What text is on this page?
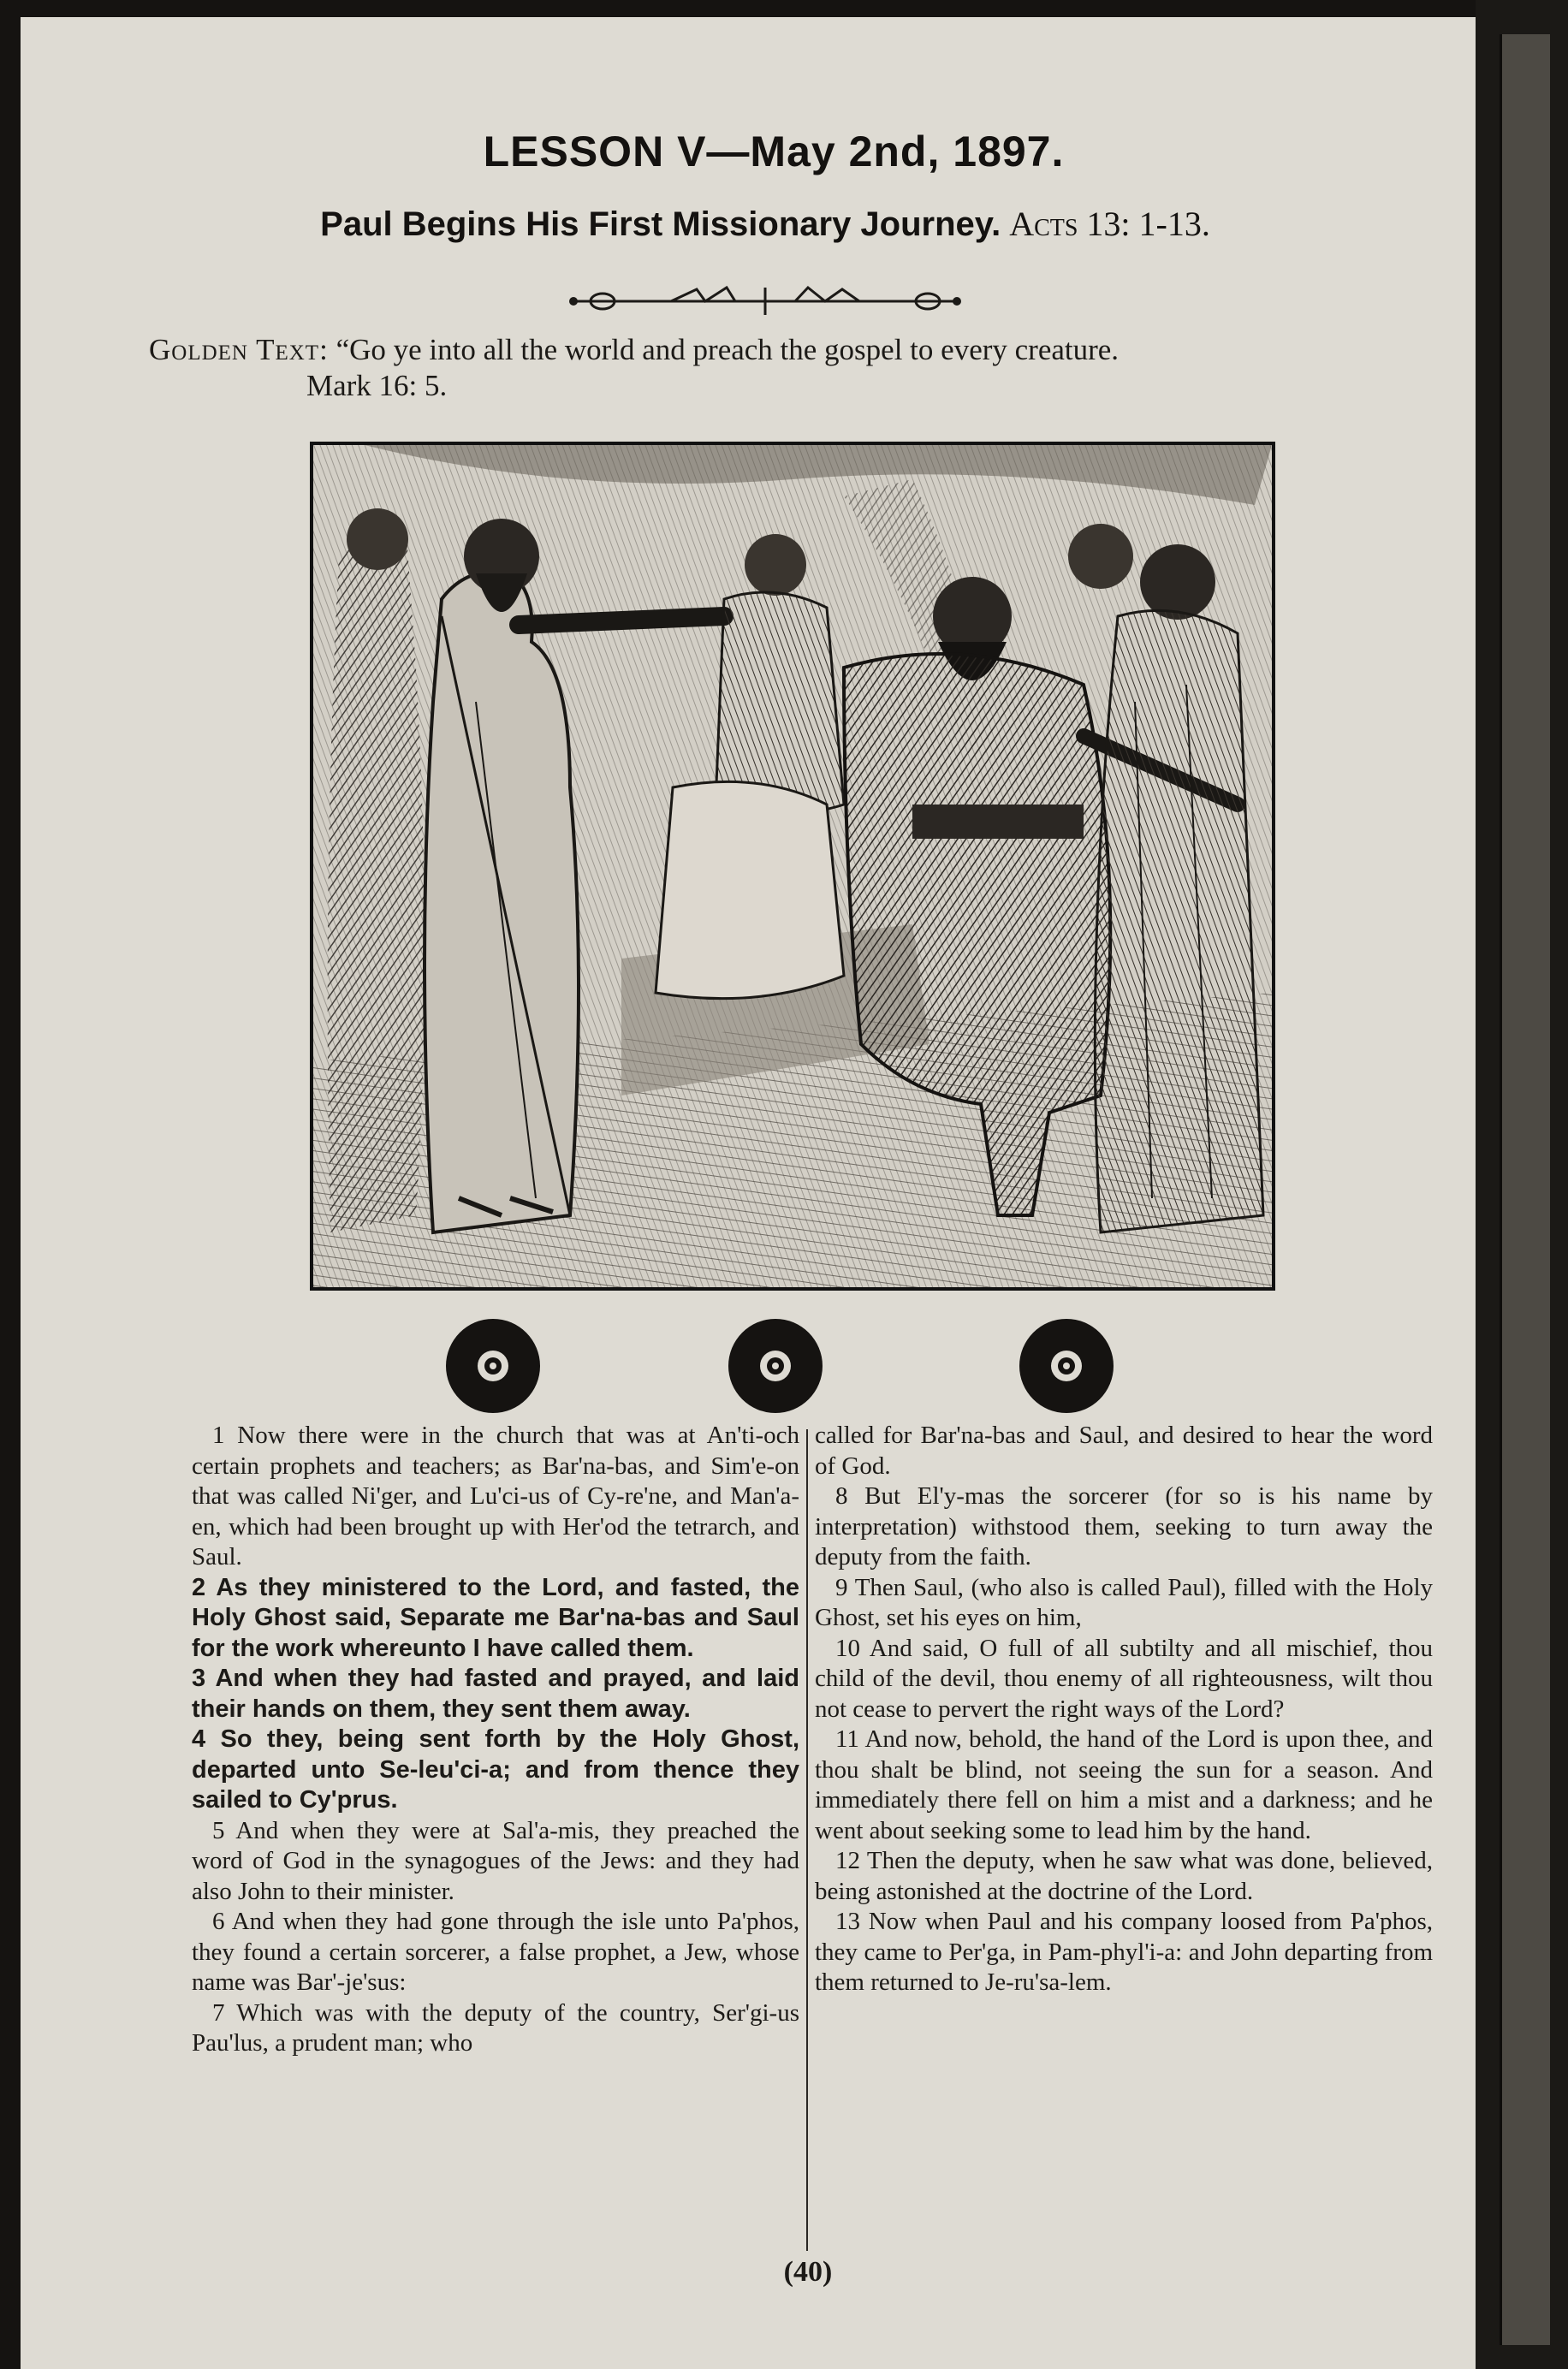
LESSON V—May 2nd, 1897.
Paul Begins His First Missionary Journey. Acts 13: 1-13.
Golden Text: “Go ye into all the world and preach the gospel to every creature.
Mark 16: 5.

1 Now there were in the church that was at An'ti-och certain prophets and teachers; as Bar'na-bas, and Sim'e-on that was called Ni'ger, and Lu'ci-us of Cy-re'ne, and Man'a-en, which had been brought up with Her'od the tetrarch, and Saul.

2 As they ministered to the Lord, and fasted, the Holy Ghost said, Separate me Bar'na-bas and Saul for the work whereunto I have called them.

3 And when they had fasted and prayed, and laid their hands on them, they sent them away.

4 So they, being sent forth by the Holy Ghost, departed unto Se-leu'ci-a; and from thence they sailed to Cy'prus.

5 And when they were at Sal'a-mis, they preached the word of God in the synagogues of the Jews: and they had also John to their minister.

6 And when they had gone through the isle unto Pa'phos, they found a certain sorcerer, a false prophet, a Jew, whose name was Bar'-je'sus:

7 Which was with the deputy of the country, Ser'gi-us Pau'lus, a prudent man; who

called for Bar'na-bas and Saul, and desired to hear the word of God.

8 But El'y-mas the sorcerer (for so is his name by interpretation) withstood them, seeking to turn away the deputy from the faith.

9 Then Saul, (who also is called Paul), filled with the Holy Ghost, set his eyes on him,

10 And said, O full of all subtilty and all mischief, thou child of the devil, thou enemy of all righteousness, wilt thou not cease to pervert the right ways of the Lord?

11 And now, behold, the hand of the Lord is upon thee, and thou shalt be blind, not seeing the sun for a season. And immediately there fell on him a mist and a darkness; and he went about seeking some to lead him by the hand.

12 Then the deputy, when he saw what was done, believed, being astonished at the doctrine of the Lord.

13 Now when Paul and his company loosed from Pa'phos, they came to Per'ga, in Pam-phyl'i-a: and John departing from them returned to Je-ru'sa-lem.

(40)
